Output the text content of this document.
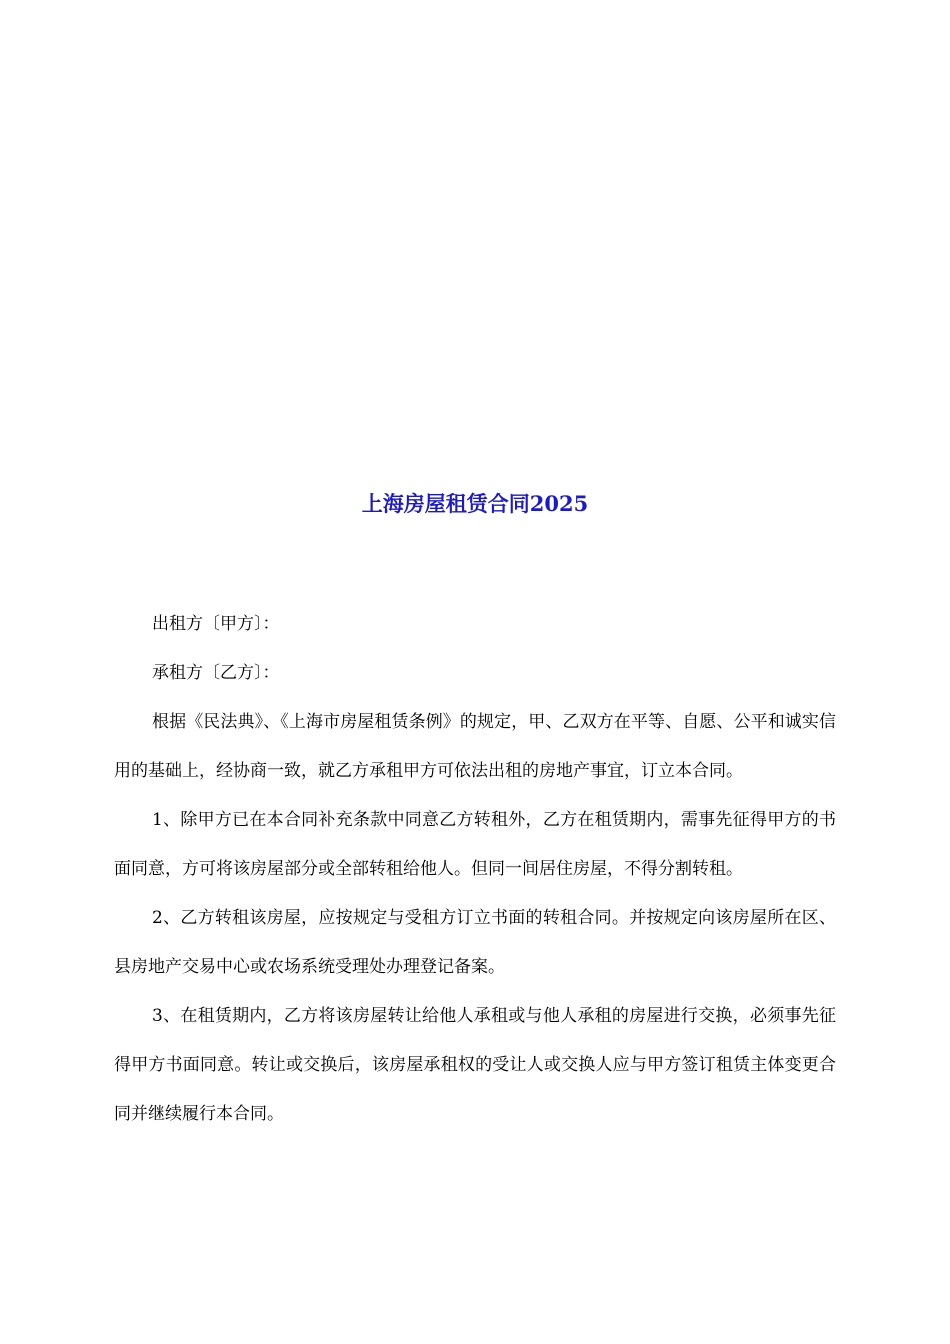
上海房屋租赁合同2025

出租方〔甲方〕：

承租方〔乙方〕：

根据《民法典》、《上海市房屋租赁条例》的规定，甲、乙双方在平等、自愿、公平和诚实信用的基础上，经协商一致，就乙方承租甲方可依法出租的房地产事宜，订立本合同。

1、除甲方已在本合同补充条款中同意乙方转租外，乙方在租赁期内，需事先征得甲方的书面同意，方可将该房屋部分或全部转租给他人。但同一间居住房屋，不得分割转租。

2、乙方转租该房屋，应按规定与受租方订立书面的转租合同。并按规定向该房屋所在区、县房地产交易中心或农场系统受理处办理登记备案。

3、在租赁期内，乙方将该房屋转让给他人承租或与他人承租的房屋进行交换，必须事先征得甲方书面同意。转让或交换后，该房屋承租权的受让人或交换人应与甲方签订租赁主体变更合同并继续履行本合同。
